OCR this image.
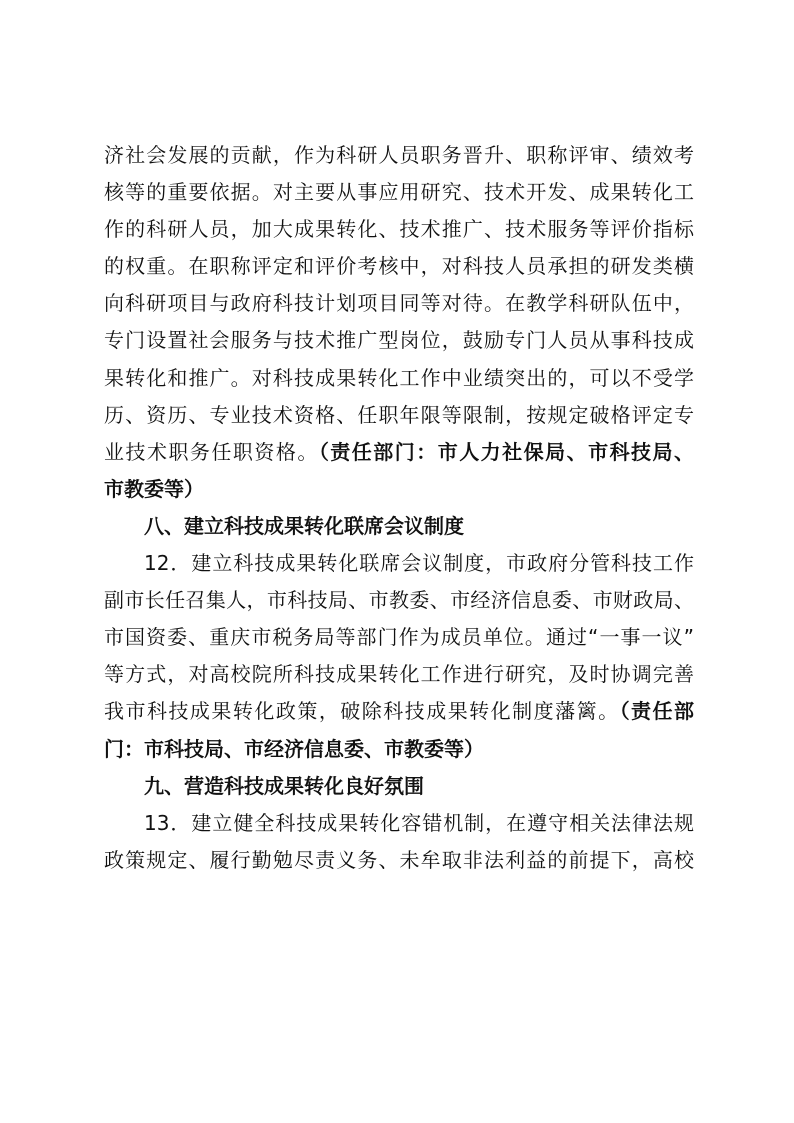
济社会发展的贡献，作为科研人员职务晋升、职称评审、绩效考
核等的重要依据。对主要从事应用研究、技术开发、成果转化工
作的科研人员，加大成果转化、技术推广、技术服务等评价指标
的权重。在职称评定和评价考核中，对科技人员承担的研发类横
向科研项目与政府科技计划项目同等对待。在教学科研队伍中，
专门设置社会服务与技术推广型岗位，鼓励专门人员从事科技成
果转化和推广。对科技成果转化工作中业绩突出的，可以不受学
历、资历、专业技术资格、任职年限等限制，按规定破格评定专
业技术职务任职资格。（责任部门：市人力社保局、市科技局、
市教委等）
八、建立科技成果转化联席会议制度
12．建立科技成果转化联席会议制度，市政府分管科技工作
副市长任召集人，市科技局、市教委、市经济信息委、市财政局、
市国资委、重庆市税务局等部门作为成员单位。通过“一事一议”
等方式，对高校院所科技成果转化工作进行研究，及时协调完善
我市科技成果转化政策，破除科技成果转化制度藩篱。（责任部
门：市科技局、市经济信息委、市教委等）
九、营造科技成果转化良好氛围
13．建立健全科技成果转化容错机制，在遵守相关法律法规
政策规定、履行勤勉尽责义务、未牟取非法利益的前提下，高校
